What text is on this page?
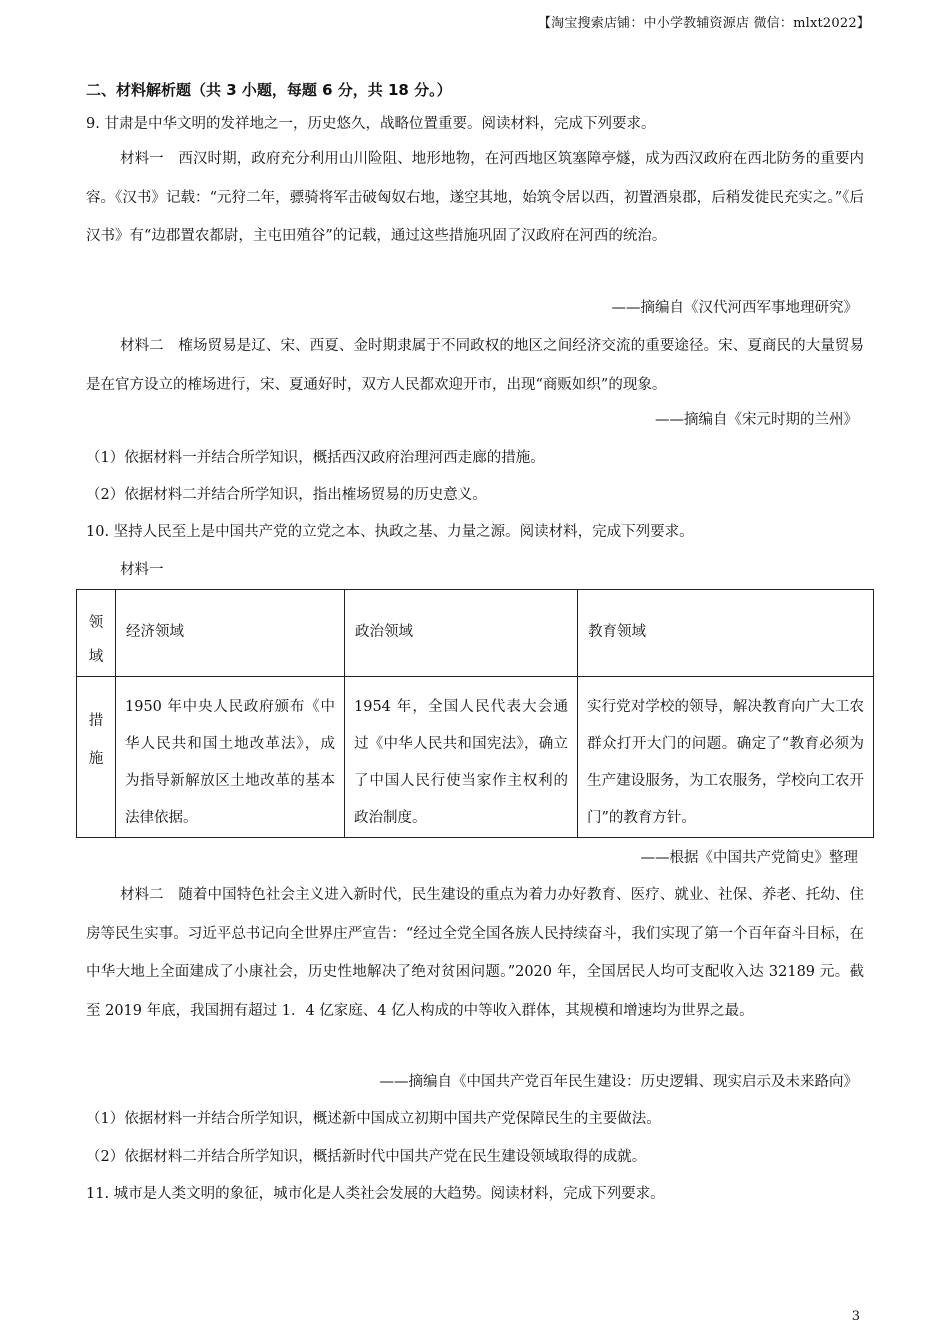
【淘宝搜索店铺：中小学教辅资源店 微信：mlxt2022】
二、材料解析题（共 3 小题，每题 6 分，共 18 分。）
9. 甘肃是中华文明的发祥地之一，历史悠久，战略位置重要。阅读材料，完成下列要求。

材料一　西汉时期，政府充分利用山川险阻、地形地物，在河西地区筑塞障亭燧，成为西汉政府在西北防务的重要内容。《汉书》记载：“元狩二年，骠骑将军击破匈奴右地，遂空其地，始筑令居以西，初置酒泉郡，后稍发徙民充实之。”《后汉书》有“边郡置农都尉，主屯田殖谷”的记载，通过这些措施巩固了汉政府在河西的统治。

——摘编自《汉代河西军事地理研究》

材料二　榷场贸易是辽、宋、西夏、金时期隶属于不同政权的地区之间经济交流的重要途径。宋、夏商民的大量贸易是在官方设立的榷场进行，宋、夏通好时，双方人民都欢迎开市，出现“商贩如织”的现象。

——摘编自《宋元时期的兰州》
（1）依据材料一并结合所学知识，概括西汉政府治理河西走廊的措施。
（2）依据材料二并结合所学知识，指出榷场贸易的历史意义。
10. 坚持人民至上是中国共产党的立党之本、执政之基、力量之源。阅读材料，完成下列要求。
材料一
领域	经济领域	政治领域	教育领域

措施	1950 年中央人民政府颁布《中华人民共和国土地改革法》，成为指导新解放区土地改革的基本法律依据。	1954 年，全国人民代表大会通过《中华人民共和国宪法》，确立了中国人民行使当家作主权利的政治制度。	实行党对学校的领导，解决教育向广大工农群众打开大门的问题。确定了“教育必须为生产建设服务，为工农服务，学校向工农开门”的教育方针。
——根据《中国共产党简史》整理

材料二　随着中国特色社会主义进入新时代，民生建设的重点为着力办好教育、医疗、就业、社保、养老、托幼、住房等民生实事。习近平总书记向全世界庄严宣告：“经过全党全国各族人民持续奋斗，我们实现了第一个百年奋斗目标，在中华大地上全面建成了小康社会，历史性地解决了绝对贫困问题。”2020 年，全国居民人均可支配收入达 32189 元。截至 2019 年底，我国拥有超过 1．4 亿家庭、4 亿人构成的中等收入群体，其规模和增速均为世界之最。

——摘编自《中国共产党百年民生建设：历史逻辑、现实启示及未来路向》
（1）依据材料一并结合所学知识，概述新中国成立初期中国共产党保障民生的主要做法。
（2）依据材料二并结合所学知识，概括新时代中国共产党在民生建设领域取得的成就。
11. 城市是人类文明的象征，城市化是人类社会发展的大趋势。阅读材料，完成下列要求。
3
